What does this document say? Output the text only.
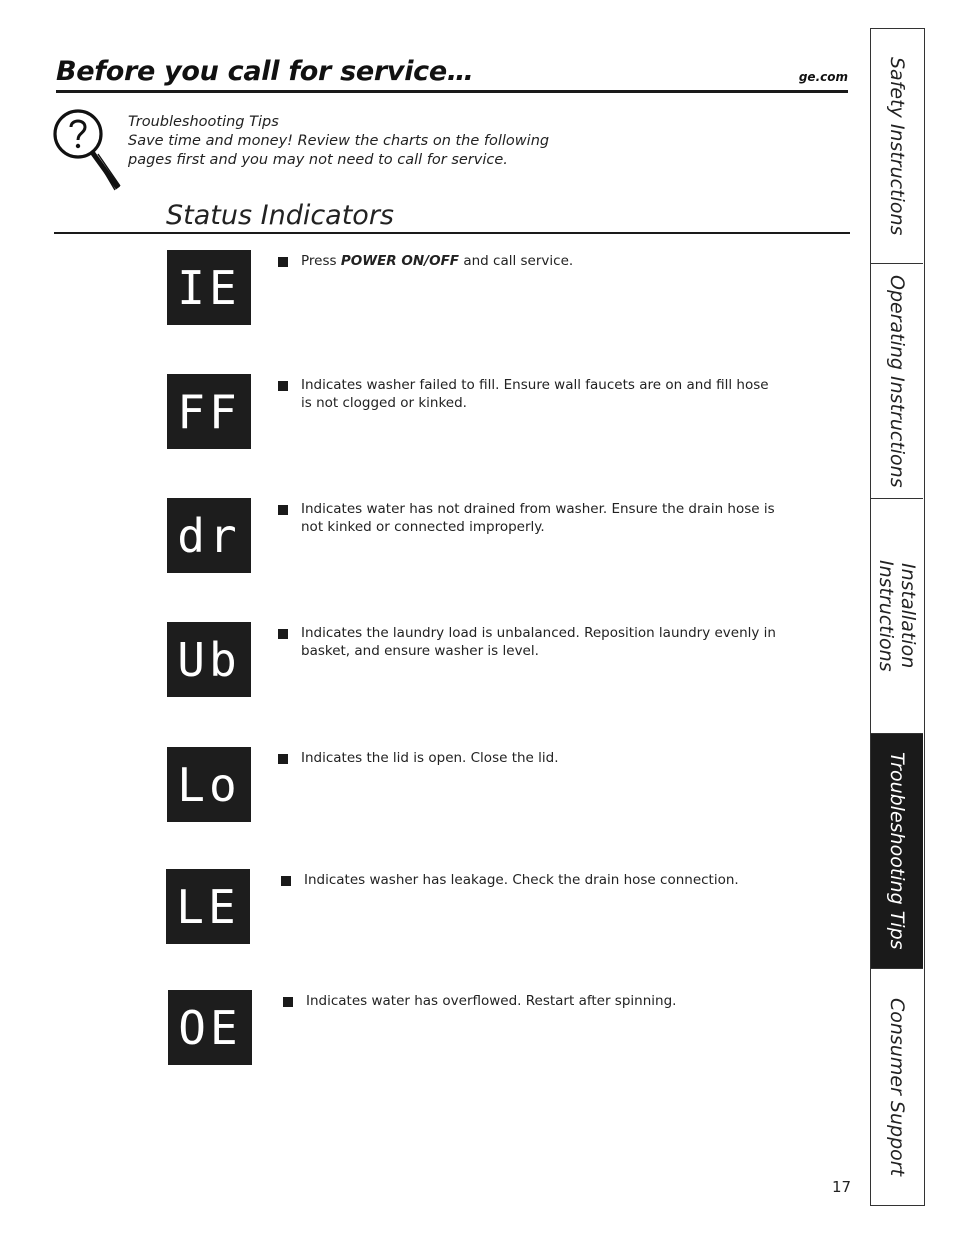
Before you call for service…	ge.com
Troubleshooting Tips
Save time and money! Review the charts on the following pages first and you may not need to call for service.
Status Indicators
IE	Press POWER ON/OFF and call service.
FF	Indicates washer failed to fill. Ensure wall faucets are on and fill hose is not clogged or kinked.
dr	Indicates water has not drained from washer. Ensure the drain hose is not kinked or connected improperly.
Ub	Indicates the laundry load is unbalanced. Reposition laundry evenly in basket, and ensure washer is level.
Lo	Indicates the lid is open. Close the lid.
LE	Indicates washer has leakage. Check the drain hose connection.
OE	Indicates water has overflowed. Restart after spinning.
Safety Instructions
Operating Instructions
Installation Instructions
Troubleshooting Tips
Consumer Support
17
